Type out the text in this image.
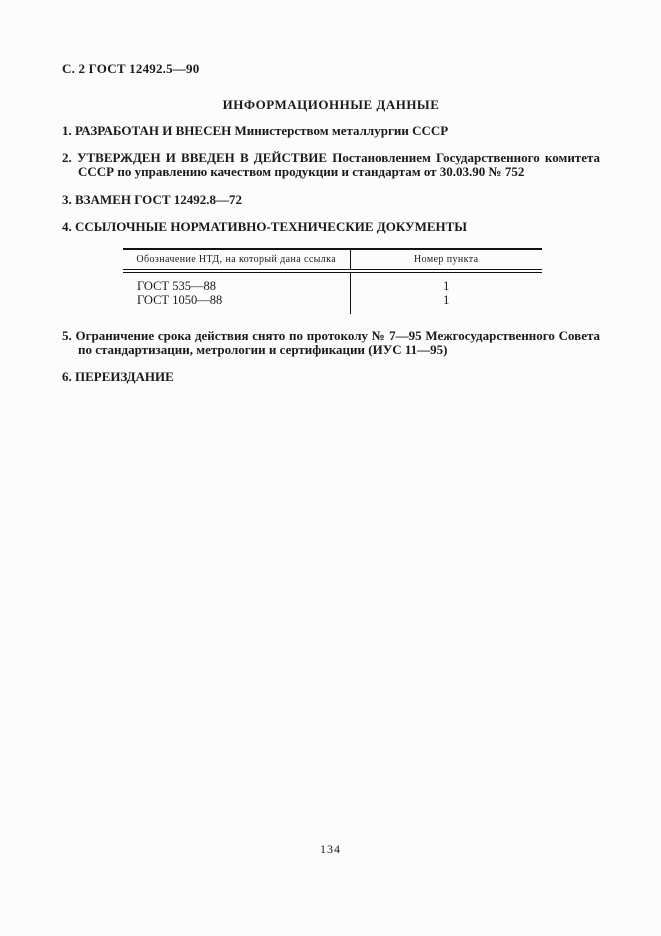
С. 2 ГОСТ 12492.5—90
ИНФОРМАЦИОННЫЕ ДАННЫЕ

1. РАЗРАБОТАН И ВНЕСЕН Министерством металлургии СССР

2. УТВЕРЖДЕН И ВВЕДЕН В ДЕЙСТВИЕ Постановлением Государственного комитета СССР по управлению качеством продукции и стандартам от 30.03.90 № 752

3. ВЗАМЕН ГОСТ 12492.8—72

4. ССЫЛОЧНЫЕ НОРМАТИВНО-ТЕХНИЧЕСКИЕ ДОКУМЕНТЫ

Обозначение НТД, на который дана ссылка	Номер пункта
ГОСТ 535—88	1
ГОСТ 1050—88	1

5. Ограничение срока действия снято по протоколу № 7—95 Межгосударственного Совета по стандартизации, метрологии и сертификации (ИУС 11—95)

6. ПЕРЕИЗДАНИЕ

134
